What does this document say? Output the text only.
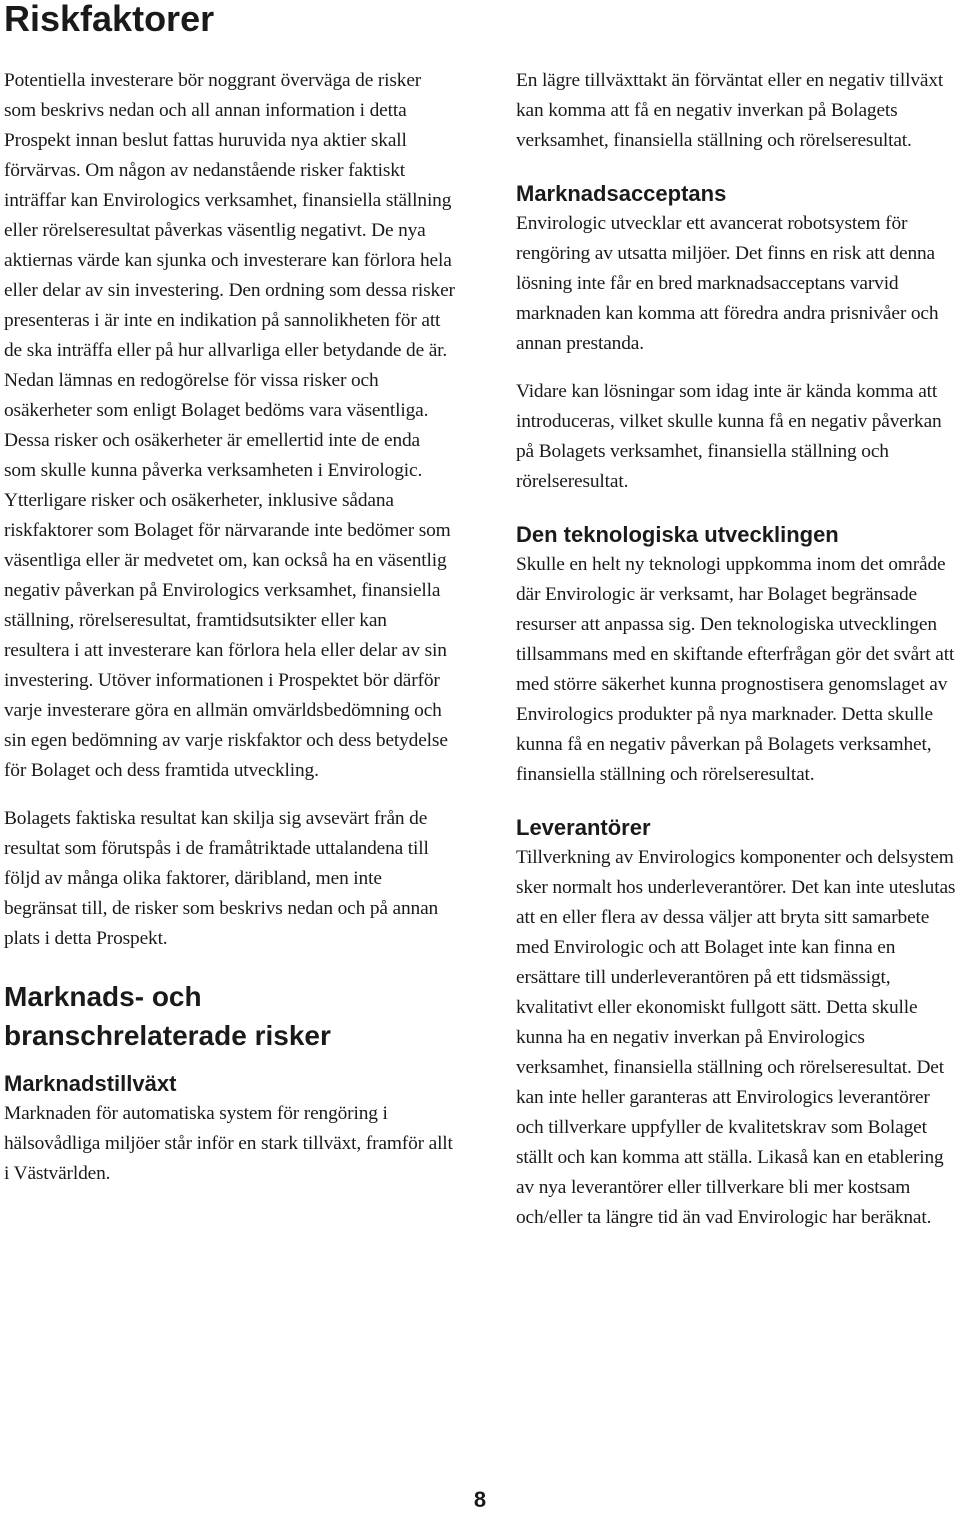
Riskfaktorer

Potentiella investerare bör noggrant överväga de risker som beskrivs nedan och all annan information i detta Prospekt innan beslut fattas huruvida nya aktier skall förvärvas. Om någon av nedanstående risker faktiskt inträffar kan Envirologics verksamhet, finansiella ställning eller rörelseresultat påverkas väsentlig negativt. De nya aktiernas värde kan sjunka och investerare kan förlora hela eller delar av sin investering. Den ordning som dessa risker presenteras i är inte en indikation på sannolikheten för att de ska inträffa eller på hur allvarliga eller betydande de är. Nedan lämnas en redogörelse för vissa risker och osäkerheter som enligt Bolaget bedöms vara väsentliga. Dessa risker och osäkerheter är emellertid inte de enda som skulle kunna påverka verksamheten i Envirologic. Ytterligare risker och osäkerheter, inklusive sådana riskfaktorer som Bolaget för närvarande inte bedömer som väsentliga eller är medvetet om, kan också ha en väsentlig negativ påverkan på Envirologics verksamhet, finansiella ställning, rörelseresultat, framtidsutsikter eller kan resultera i att investerare kan förlora hela eller delar av sin investering. Utöver informationen i Prospektet bör därför varje investerare göra en allmän omvärldsbedömning och sin egen bedömning av varje riskfaktor och dess betydelse för Bolaget och dess framtida utveckling.

Bolagets faktiska resultat kan skilja sig avsevärt från de resultat som förutspås i de framåtriktade uttalandena till följd av många olika faktorer, däribland, men inte begränsat till, de risker som beskrivs nedan och på annan plats i detta Prospekt.

Marknads- och branschrelaterade risker
Marknadstillväxt

Marknaden för automatiska system för rengöring i hälsovådliga miljöer står inför en stark tillväxt, framför allt i Västvärlden.

En lägre tillväxttakt än förväntat eller en negativ tillväxt kan komma att få en negativ inverkan på Bolagets verksamhet, finansiella ställning och rörelseresultat.

Marknadsacceptans

Envirologic utvecklar ett avancerat robotsystem för rengöring av utsatta miljöer. Det finns en risk att denna lösning inte får en bred marknadsacceptans varvid marknaden kan komma att föredra andra prisnivåer och annan prestanda.

Vidare kan lösningar som idag inte är kända komma att introduceras, vilket skulle kunna få en negativ påverkan på Bolagets verksamhet, finansiella ställning och rörelseresultat.

Den teknologiska utvecklingen

Skulle en helt ny teknologi uppkomma inom det område där Envirologic är verksamt, har Bolaget begränsade resurser att anpassa sig. Den teknologiska utvecklingen tillsammans med en skiftande efterfrågan gör det svårt att med större säkerhet kunna prognostisera genomslaget av Envirologics produkter på nya marknader. Detta skulle kunna få en negativ påverkan på Bolagets verksamhet, finansiella ställning och rörelseresultat.

Leverantörer

Tillverkning av Envirologics komponenter och delsystem sker normalt hos underleverantörer. Det kan inte uteslutas att en eller flera av dessa väljer att bryta sitt samarbete med Envirologic och att Bolaget inte kan finna en ersättare till underleverantören på ett tidsmässigt, kvalitativt eller ekonomiskt fullgott sätt. Detta skulle kunna ha en negativ inverkan på Envirologics verksamhet, finansiella ställning och rörelseresultat. Det kan inte heller garanteras att Envirologics leverantörer och tillverkare uppfyller de kvalitetskrav som Bolaget ställt och kan komma att ställa. Likaså kan en etablering av nya leverantörer eller tillverkare bli mer kostsam och/eller ta längre tid än vad Envirologic har beräknat.

8
